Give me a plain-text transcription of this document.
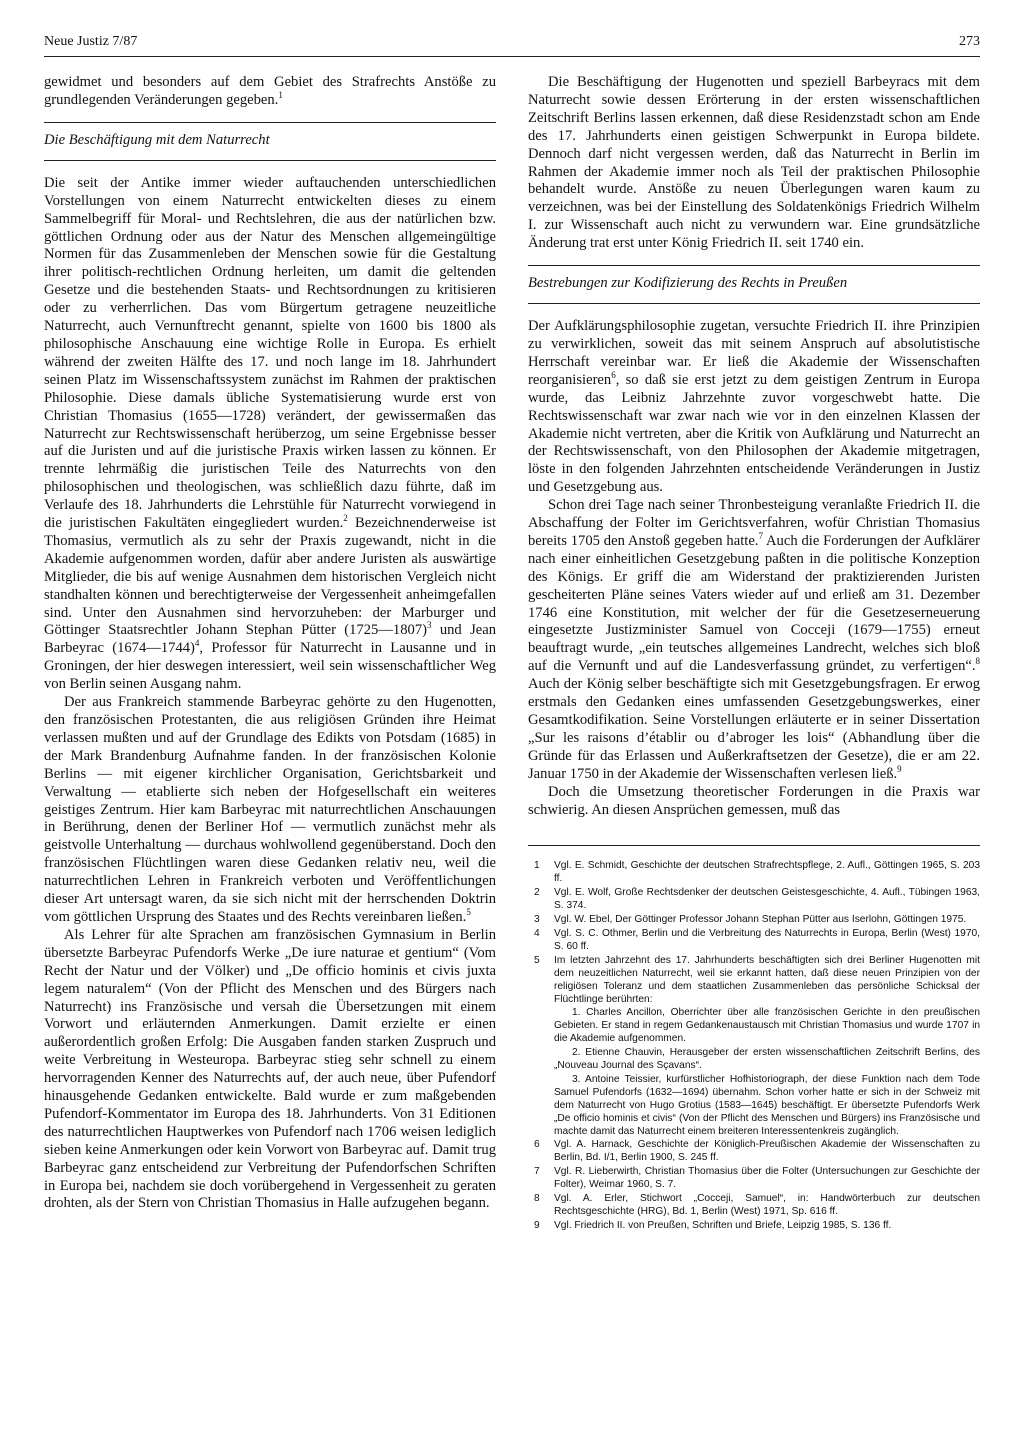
Neue Justiz 7/87	273

gewidmet und besonders auf dem Gebiet des Strafrechts Anstöße zu grundlegenden Veränderungen gegeben.$^1$

Die Beschäftigung mit dem Naturrecht

Die seit der Antike immer wieder auftauchenden unterschiedlichen Vorstellungen von einem Naturrecht entwickelten dieses zu einem Sammelbegriff für Moral- und Rechtslehren, die aus der natürlichen bzw. göttlichen Ordnung oder aus der Natur des Menschen allgemeingültige Normen für das Zusammenleben der Menschen sowie für die Gestaltung ihrer politisch-rechtlichen Ordnung herleiten, um damit die geltenden Gesetze und die bestehenden Staats- und Rechtsordnungen zu kritisieren oder zu verherrlichen. Das vom Bürgertum getragene neuzeitliche Naturrecht, auch Vernunftrecht genannt, spielte von 1600 bis 1800 als philosophische Anschauung eine wichtige Rolle in Europa. Es erhielt während der zweiten Hälfte des 17. und noch lange im 18. Jahrhundert seinen Platz im Wissenschaftssystem zunächst im Rahmen der praktischen Philosophie. Diese damals übliche Systematisierung wurde erst von Christian Thomasius (1655—1728) verändert, der gewissermaßen das Naturrecht zur Rechtswissenschaft herüberzog, um seine Ergebnisse besser auf die Juristen und auf die juristische Praxis wirken lassen zu können. Er trennte lehrmäßig die juristischen Teile des Naturrechts von den philosophischen und theologischen, was schließlich dazu führte, daß im Verlaufe des 18. Jahrhunderts die Lehrstühle für Naturrecht vorwiegend in die juristischen Fakultäten eingegliedert wurden.$^2$ Bezeichnenderweise ist Thomasius, vermutlich als zu sehr der Praxis zugewandt, nicht in die Akademie aufgenommen worden, dafür aber andere Juristen als auswärtige Mitglieder, die bis auf wenige Ausnahmen dem historischen Vergleich nicht standhalten können und berechtigterweise der Vergessenheit anheimgefallen sind. Unter den Ausnahmen sind hervorzuheben: der Marburger und Göttinger Staatsrechtler Johann Stephan Pütter (1725—1807)$^3$ und Jean Barbeyrac (1674—1744)$^4$, Professor für Naturrecht in Lausanne und in Groningen, der hier deswegen interessiert, weil sein wissenschaftlicher Weg von Berlin seinen Ausgang nahm.

Der aus Frankreich stammende Barbeyrac gehörte zu den Hugenotten, den französischen Protestanten, die aus religiösen Gründen ihre Heimat verlassen mußten und auf der Grundlage des Edikts von Potsdam (1685) in der Mark Brandenburg Aufnahme fanden. In der französischen Kolonie Berlins — mit eigener kirchlicher Organisation, Gerichtsbarkeit und Verwaltung — etablierte sich neben der Hofgesellschaft ein weiteres geistiges Zentrum. Hier kam Barbeyrac mit naturrechtlichen Anschauungen in Berührung, denen der Berliner Hof — vermutlich zunächst mehr als geistvolle Unterhaltung — durchaus wohlwollend gegenüberstand. Doch den französischen Flüchtlingen waren diese Gedanken relativ neu, weil die naturrechtlichen Lehren in Frankreich verboten und Veröffentlichungen dieser Art untersagt waren, da sie sich nicht mit der herrschenden Doktrin vom göttlichen Ursprung des Staates und des Rechts vereinbaren ließen.$^5$

Als Lehrer für alte Sprachen am französischen Gymnasium in Berlin übersetzte Barbeyrac Pufendorfs Werke „De iure naturae et gentium“ (Vom Recht der Natur und der Völker) und „De officio hominis et civis juxta legem naturalem“ (Von der Pflicht des Menschen und des Bürgers nach Naturrecht) ins Französische und versah die Übersetzungen mit einem Vorwort und erläuternden Anmerkungen. Damit erzielte er einen außerordentlich großen Erfolg: Die Ausgaben fanden starken Zuspruch und weite Verbreitung in Westeuropa. Barbeyrac stieg sehr schnell zu einem hervorragenden Kenner des Naturrechts auf, der auch neue, über Pufendorf hinausgehende Gedanken entwickelte. Bald wurde er zum maßgebenden Pufendorf-Kommentator im Europa des 18. Jahrhunderts. Von 31 Editionen des naturrechtlichen Hauptwerkes von Pufendorf nach 1706 weisen lediglich sieben keine Anmerkungen oder kein Vorwort von Barbeyrac auf. Damit trug Barbeyrac ganz entscheidend zur Verbreitung der Pufendorfschen Schriften in Europa bei, nachdem sie doch vorübergehend in Vergessenheit zu geraten drohten, als der Stern von Christian Thomasius in Halle aufzugehen begann.

Die Beschäftigung der Hugenotten und speziell Barbeyracs mit dem Naturrecht sowie dessen Erörterung in der ersten wissenschaftlichen Zeitschrift Berlins lassen erkennen, daß diese Residenzstadt schon am Ende des 17. Jahrhunderts einen geistigen Schwerpunkt in Europa bildete. Dennoch darf nicht vergessen werden, daß das Naturrecht in Berlin im Rahmen der Akademie immer noch als Teil der praktischen Philosophie behandelt wurde. Anstöße zu neuen Überlegungen waren kaum zu verzeichnen, was bei der Einstellung des Soldatenkönigs Friedrich Wilhelm I. zur Wissenschaft auch nicht zu verwundern war. Eine grundsätzliche Änderung trat erst unter König Friedrich II. seit 1740 ein.

Bestrebungen zur Kodifizierung des Rechts in Preußen

Der Aufklärungsphilosophie zugetan, versuchte Friedrich II. ihre Prinzipien zu verwirklichen, soweit das mit seinem Anspruch auf absolutistische Herrschaft vereinbar war. Er ließ die Akademie der Wissenschaften reorganisieren$^6$, so daß sie erst jetzt zu dem geistigen Zentrum in Europa wurde, das Leibniz Jahrzehnte zuvor vorgeschwebt hatte. Die Rechtswissenschaft war zwar nach wie vor in den einzelnen Klassen der Akademie nicht vertreten, aber die Kritik von Aufklärung und Naturrecht an der Rechtswissenschaft, von den Philosophen der Akademie mitgetragen, löste in den folgenden Jahrzehnten entscheidende Veränderungen in Justiz und Gesetzgebung aus.

Schon drei Tage nach seiner Thronbesteigung veranlaßte Friedrich II. die Abschaffung der Folter im Gerichtsverfahren, wofür Christian Thomasius bereits 1705 den Anstoß gegeben hatte.$^7$ Auch die Forderungen der Aufklärer nach einer einheitlichen Gesetzgebung paßten in die politische Konzeption des Königs. Er griff die am Widerstand der praktizierenden Juristen gescheiterten Pläne seines Vaters wieder auf und erließ am 31. Dezember 1746 eine Konstitution, mit welcher der für die Gesetzeserneuerung eingesetzte Justizminister Samuel von Cocceji (1679—1755) erneut beauftragt wurde, „ein teutsches allgemeines Landrecht, welches sich bloß auf die Vernunft und auf die Landesverfassung gründet, zu verfertigen“.$^8$ Auch der König selber beschäftigte sich mit Gesetzgebungsfragen. Er erwog erstmals den Gedanken eines umfassenden Gesetzgebungswerkes, einer Gesamtkodifikation. Seine Vorstellungen erläuterte er in seiner Dissertation „Sur les raisons d’établir ou d’abroger les lois“ (Abhandlung über die Gründe für das Erlassen und Außerkraftsetzen der Gesetze), die er am 22. Januar 1750 in der Akademie der Wissenschaften verlesen ließ.$^9$

Doch die Umsetzung theoretischer Forderungen in die Praxis war schwierig. An diesen Ansprüchen gemessen, muß das

1	Vgl. E. Schmidt, Geschichte der deutschen Strafrechtspflege, 2. Aufl., Göttingen 1965, S. 203 ff.
2	Vgl. E. Wolf, Große Rechtsdenker der deutschen Geistesgeschichte, 4. Aufl., Tübingen 1963, S. 374.
3	Vgl. W. Ebel, Der Göttinger Professor Johann Stephan Pütter aus Iserlohn, Göttingen 1975.
4	Vgl. S. C. Othmer, Berlin und die Verbreitung des Naturrechts in Europa, Berlin (West) 1970, S. 60 ff.
5	Im letzten Jahrzehnt des 17. Jahrhunderts beschäftigten sich drei Berliner Hugenotten mit dem neuzeitlichen Naturrecht, weil sie erkannt hatten, daß diese neuen Prinzipien von der religiösen Toleranz und dem staatlichen Zusammenleben das persönliche Schicksal der Flüchtlinge berührten:
1. Charles Ancillon, Oberrichter über alle französischen Gerichte in den preußischen Gebieten. Er stand in regem Gedankenaustausch mit Christian Thomasius und wurde 1707 in die Akademie aufgenommen.
2. Etienne Chauvin, Herausgeber der ersten wissenschaftlichen Zeitschrift Berlins, des „Nouveau Journal des Sçavans“.
3. Antoine Teissier, kurfürstlicher Hofhistoriograph, der diese Funktion nach dem Tode Samuel Pufendorfs (1632—1694) übernahm. Schon vorher hatte er sich in der Schweiz mit dem Naturrecht von Hugo Grotius (1583—1645) beschäftigt. Er übersetzte Pufendorfs Werk „De officio hominis et civis“ (Von der Pflicht des Menschen und Bürgers) ins Französische und machte damit das Naturrecht einem breiteren Interessentenkreis zugänglich.
6	Vgl. A. Harnack, Geschichte der Königlich-Preußischen Akademie der Wissenschaften zu Berlin, Bd. I/1, Berlin 1900, S. 245 ff.
7	Vgl. R. Lieberwirth, Christian Thomasius über die Folter (Untersuchungen zur Geschichte der Folter), Weimar 1960, S. 7.
8	Vgl. A. Erler, Stichwort „Cocceji, Samuel“, in: Handwörterbuch zur deutschen Rechtsgeschichte (HRG), Bd. 1, Berlin (West) 1971, Sp. 616 ff.
9	Vgl. Friedrich II. von Preußen, Schriften und Briefe, Leipzig 1985, S. 136 ff.
